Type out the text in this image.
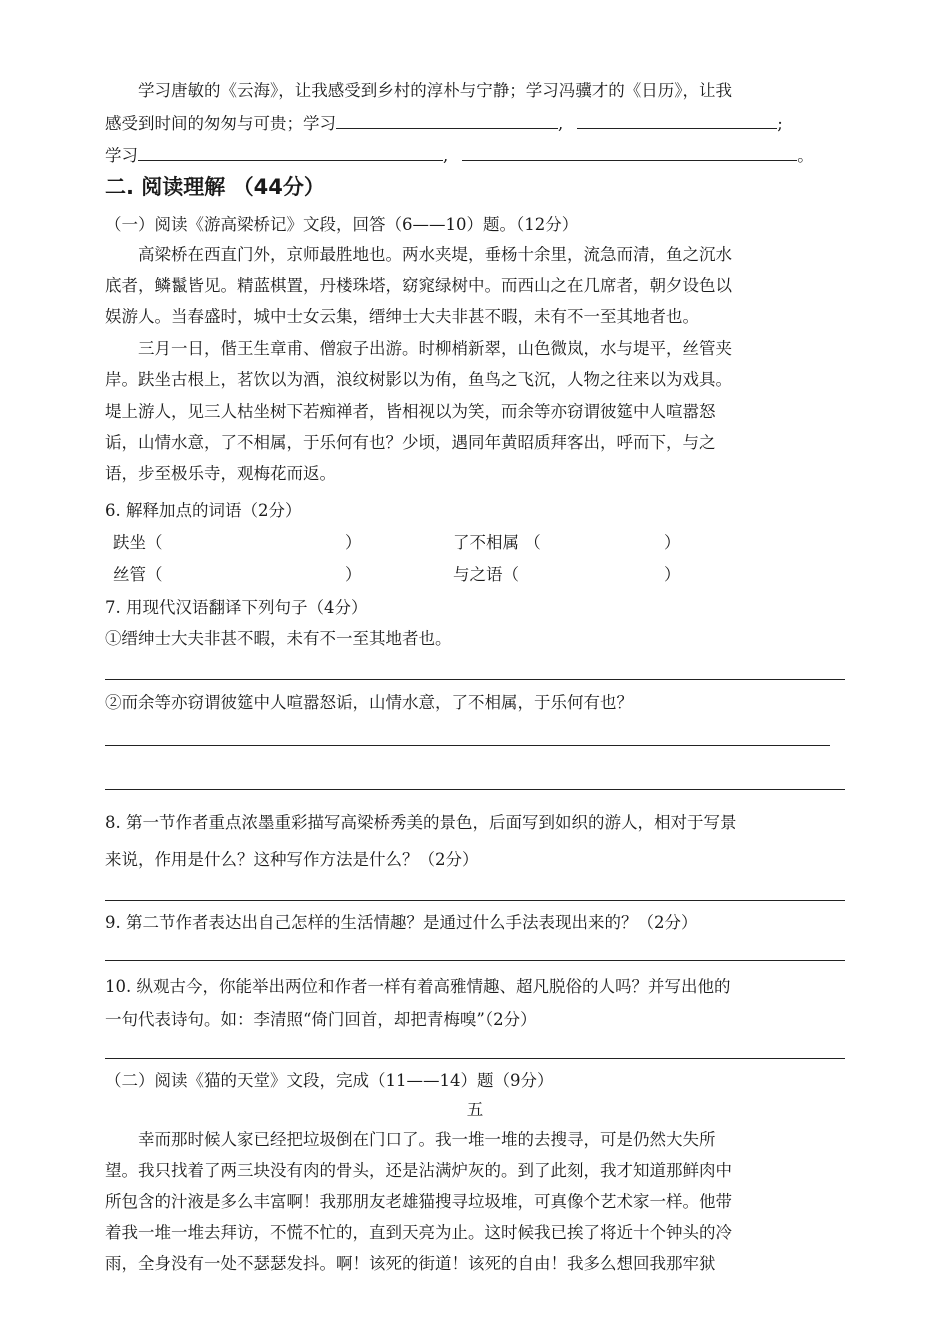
学习唐敏的《云海》，让我感受到乡村的淳朴与宁静；学习冯骥才的《日历》，让我
感受到时间的匆匆与可贵；学习	,	;
学习	,	。
二. 阅读理解 （44分）
（一）阅读《游高梁桥记》文段，回答（6——10）题。（12分）
高梁桥在西直门外，京师最胜地也。两水夹堤，垂杨十余里，流急而清，鱼之沉水
底者，鳞鬣皆见。精蓝棋置，丹楼珠塔，窈窕绿树中。而西山之在几席者，朝夕设色以
娱游人。当春盛时，城中士女云集，缙绅士大夫非甚不暇，未有不一至其地者也。
三月一日，偕王生章甫、僧寂子出游。时柳梢新翠，山色微岚，水与堤平，丝管夹
岸。趺坐古根上，茗饮以为酒，浪纹树影以为侑，鱼鸟之飞沉，人物之往来以为戏具。
堤上游人，见三人枯坐树下若痴禅者，皆相视以为笑，而余等亦窃谓彼筵中人喧嚣怒
诟，山情水意，了不相属，于乐何有也？少顷，遇同年黄昭质拜客出，呼而下，与之
语，步至极乐寺，观梅花而返。
6. 解释加点的词语（2分）
趺坐（	）	了不相属 （	）
丝管（	）	与之语（	）
7. 用现代汉语翻译下列句子（4分）
①缙绅士大夫非甚不暇，未有不一至其地者也。
②而余等亦窃谓彼筵中人喧嚣怒诟，山情水意，了不相属，于乐何有也？
8. 第一节作者重点浓墨重彩描写高梁桥秀美的景色，后面写到如织的游人，相对于写景
来说，作用是什么？这种写作方法是什么？（2分）
9. 第二节作者表达出自己怎样的生活情趣？是通过什么手法表现出来的？（2分）
10. 纵观古今，你能举出两位和作者一样有着高雅情趣、超凡脱俗的人吗？并写出他的
一句代表诗句。如：李清照“倚门回首，却把青梅嗅”（2分）
（二）阅读《猫的天堂》文段，完成（11——14）题（9分）
五
幸而那时候人家已经把垃圾倒在门口了。我一堆一堆的去搜寻，可是仍然大失所
望。我只找着了两三块没有肉的骨头，还是沾满炉灰的。到了此刻，我才知道那鲜肉中
所包含的汁液是多么丰富啊！我那朋友老雄猫搜寻垃圾堆，可真像个艺术家一样。他带
着我一堆一堆去拜访，不慌不忙的，直到天亮为止。这时候我已挨了将近十个钟头的冷
雨，全身没有一处不瑟瑟发抖。啊！该死的街道！该死的自由！我多么想回我那牢狱
